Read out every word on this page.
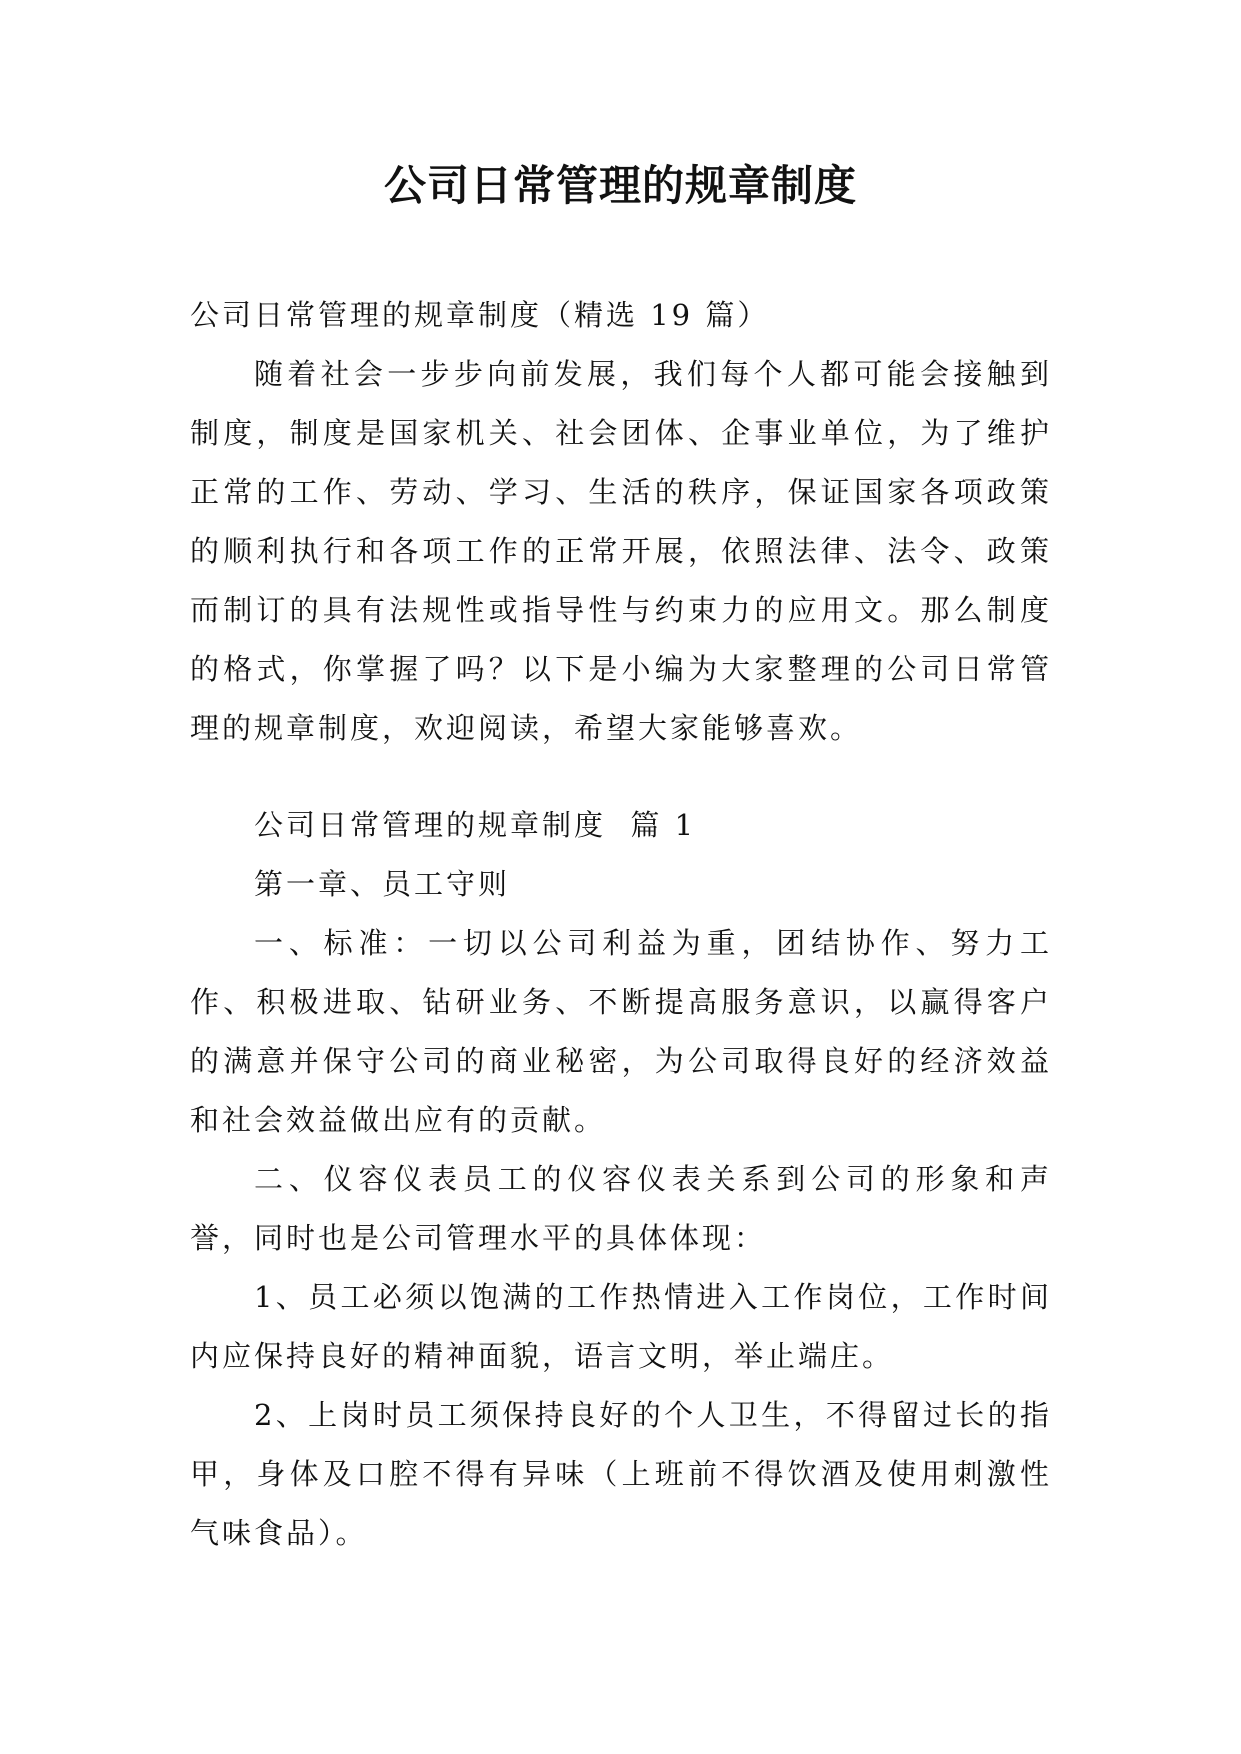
公司日常管理的规章制度

公司日常管理的规章制度（精选 19 篇）

随着社会一步步向前发展，我们每个人都可能会接触到制度，制度是国家机关、社会团体、企事业单位，为了维护正常的工作、劳动、学习、生活的秩序，保证国家各项政策的顺利执行和各项工作的正常开展，依照法律、法令、政策而制订的具有法规性或指导性与约束力的应用文。那么制度的格式，你掌握了吗？以下是小编为大家整理的公司日常管理的规章制度，欢迎阅读，希望大家能够喜欢。

公司日常管理的规章制度  篇 1

第一章、员工守则

一、标准：一切以公司利益为重，团结协作、努力工作、积极进取、钻研业务、不断提高服务意识，以赢得客户的满意并保守公司的商业秘密，为公司取得良好的经济效益和社会效益做出应有的贡献。

二、仪容仪表员工的仪容仪表关系到公司的形象和声誉，同时也是公司管理水平的具体体现：

1、员工必须以饱满的工作热情进入工作岗位，工作时间内应保持良好的精神面貌，语言文明，举止端庄。

2、上岗时员工须保持良好的个人卫生，不得留过长的指甲，身体及口腔不得有异味（上班前不得饮酒及使用刺激性气味食品）。
